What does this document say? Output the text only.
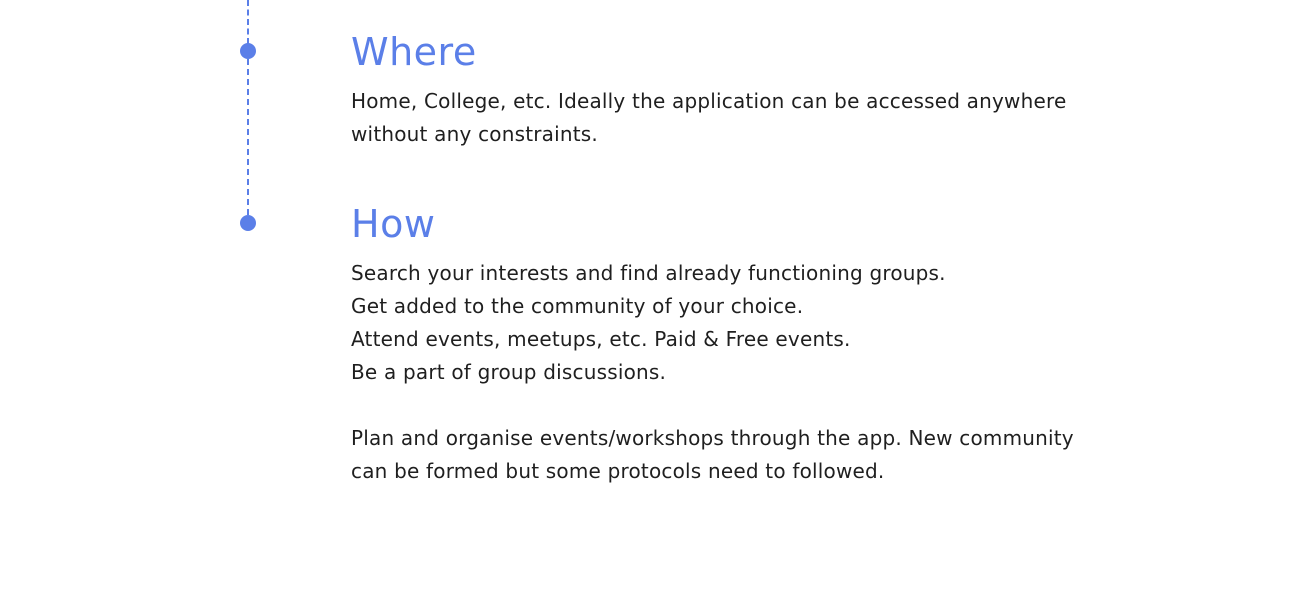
Where

Home, College, etc. Ideally the application can be accessed anywhere without any constraints.

How
Search your interests and find already functioning groups.
Get added to the community of your choice.
Attend events, meetups, etc. Paid & Free events.
Be a part of group discussions.

Plan and organise events/workshops through the app. New community can be formed but some protocols need to followed.
